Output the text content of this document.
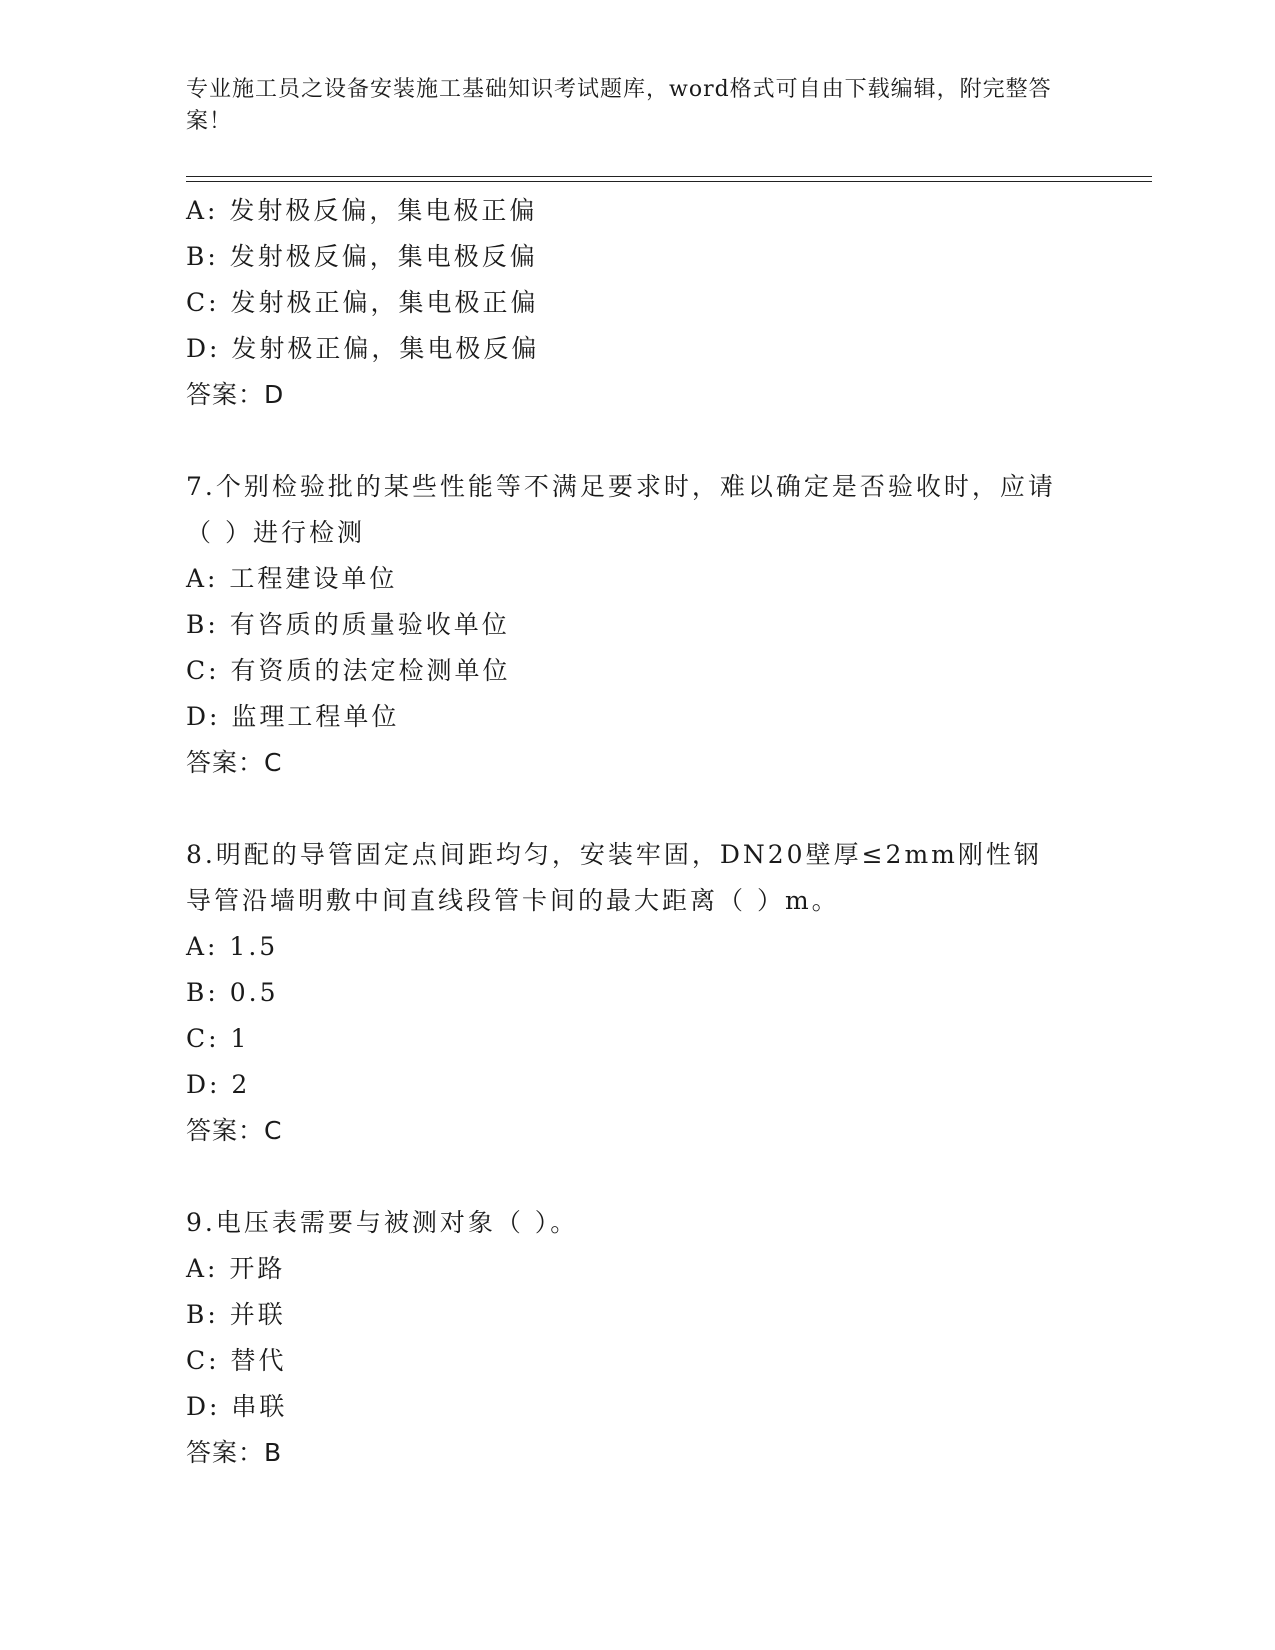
专业施工员之设备安装施工基础知识考试题库，word格式可自由下载编辑，附完整答案！
A: 发射极反偏，集电极正偏
B: 发射极反偏，集电极反偏
C: 发射极正偏，集电极正偏
D: 发射极正偏，集电极反偏
答案：D
7.个别检验批的某些性能等不满足要求时，难以确定是否验收时，应请（ ）进行检测
A: 工程建设单位
B: 有咨质的质量验收单位
C: 有资质的法定检测单位
D: 监理工程单位
答案：C
8.明配的导管固定点间距均匀，安装牢固，DN20壁厚≤2mm刚性钢导管沿墙明敷中间直线段管卡间的最大距离（ ）m。
A: 1.5
B: 0.5
C: 1
D: 2
答案：C
9.电压表需要与被测对象（ ）。
A: 开路
B: 并联
C: 替代
D: 串联
答案：B
